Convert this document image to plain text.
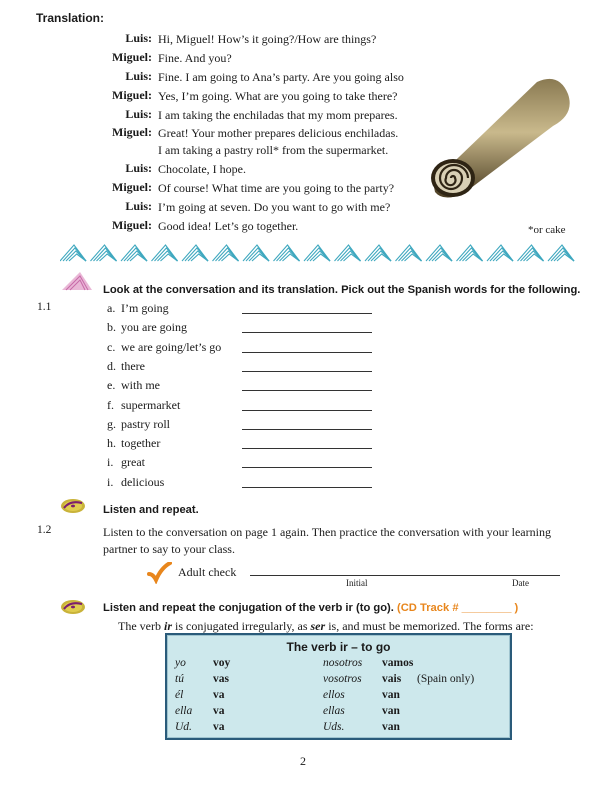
Translation:
Luis: Hi, Miguel! How’s it going?/How are things?
Miguel: Fine. And you?
Luis: Fine. I am going to Ana’s party. Are you going also
Miguel: Yes, I’m going. What are you going to take there?
Luis: I am taking the enchiladas that my mom prepares.
Miguel: Great! Your mother prepares delicious enchiladas.
I am taking a pastry roll* from the supermarket.
Luis: Chocolate, I hope.
Miguel: Of course! What time are you going to the party?
Luis: I’m going at seven. Do you want to go with me?
Miguel: Good idea! Let’s go together.	*or cake
Look at the conversation and its translation. Pick out the Spanish words for the following.
1.1	a. I’m going
b. you are going
c. we are going/let’s go
d. there
e. with me
f. supermarket
g. pastry roll
h. together
i. great
i. delicious
Listen and repeat.
1.2	Listen to the conversation on page 1 again. Then practice the conversation with your learning
partner to say to your class.
Adult check
Initial	Date
Listen and repeat the conjugation of the verb ir (to go). (CD Track # ________ )
The verb ir is conjugated irregularly, as ser is, and must be memorized. The forms are:
The verb ir – to go
yo voy	nosotros vamos
tú	vas	vosotros vais (Spain only)
él	va	ellos	van
ella va	ellas	van
Ud. va	Uds.	van
2
